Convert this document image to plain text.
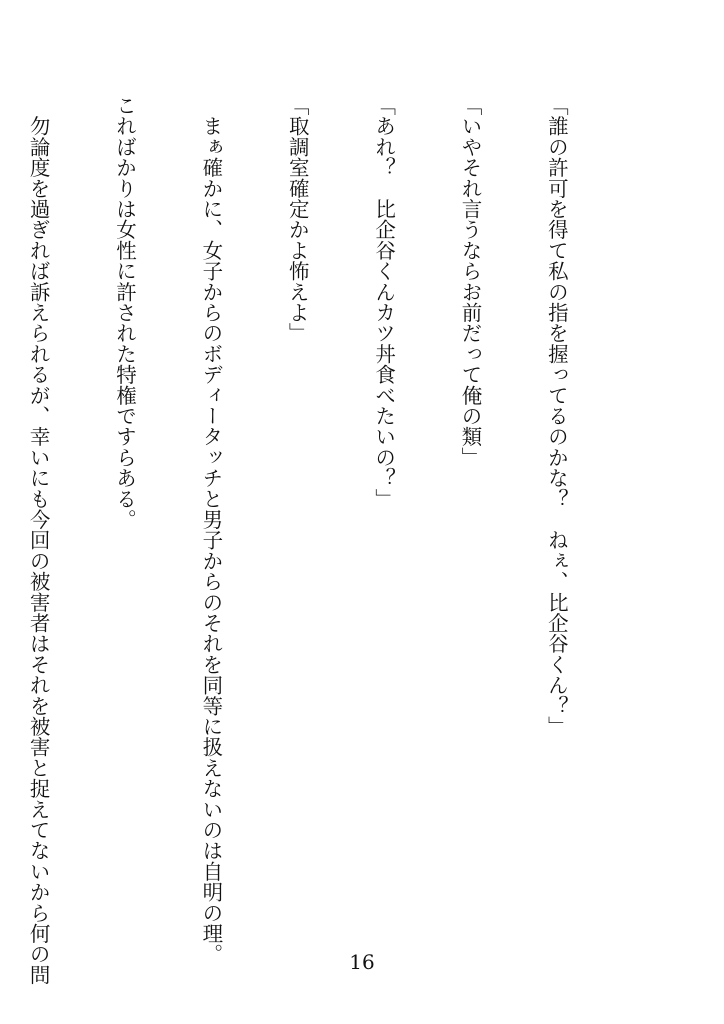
「誰の許可を得て私の指を握ってるのかな？　ねぇ、比企谷くん？」

「いやそれ言うならお前だって俺の類」

「あれ？　比企谷くんカツ丼食べたいの？」

「取調室確定かよ怖えよ」

　まぁ確かに、女子からのボディータッチと男子からのそれを同等に扱えないのは自明の理。

こればかりは女性に許された特権ですらある。

　勿論度を過ぎれば訴えられるが、幸いにも今回の被害者はそれを被害と捉えてないから何の問

	16
